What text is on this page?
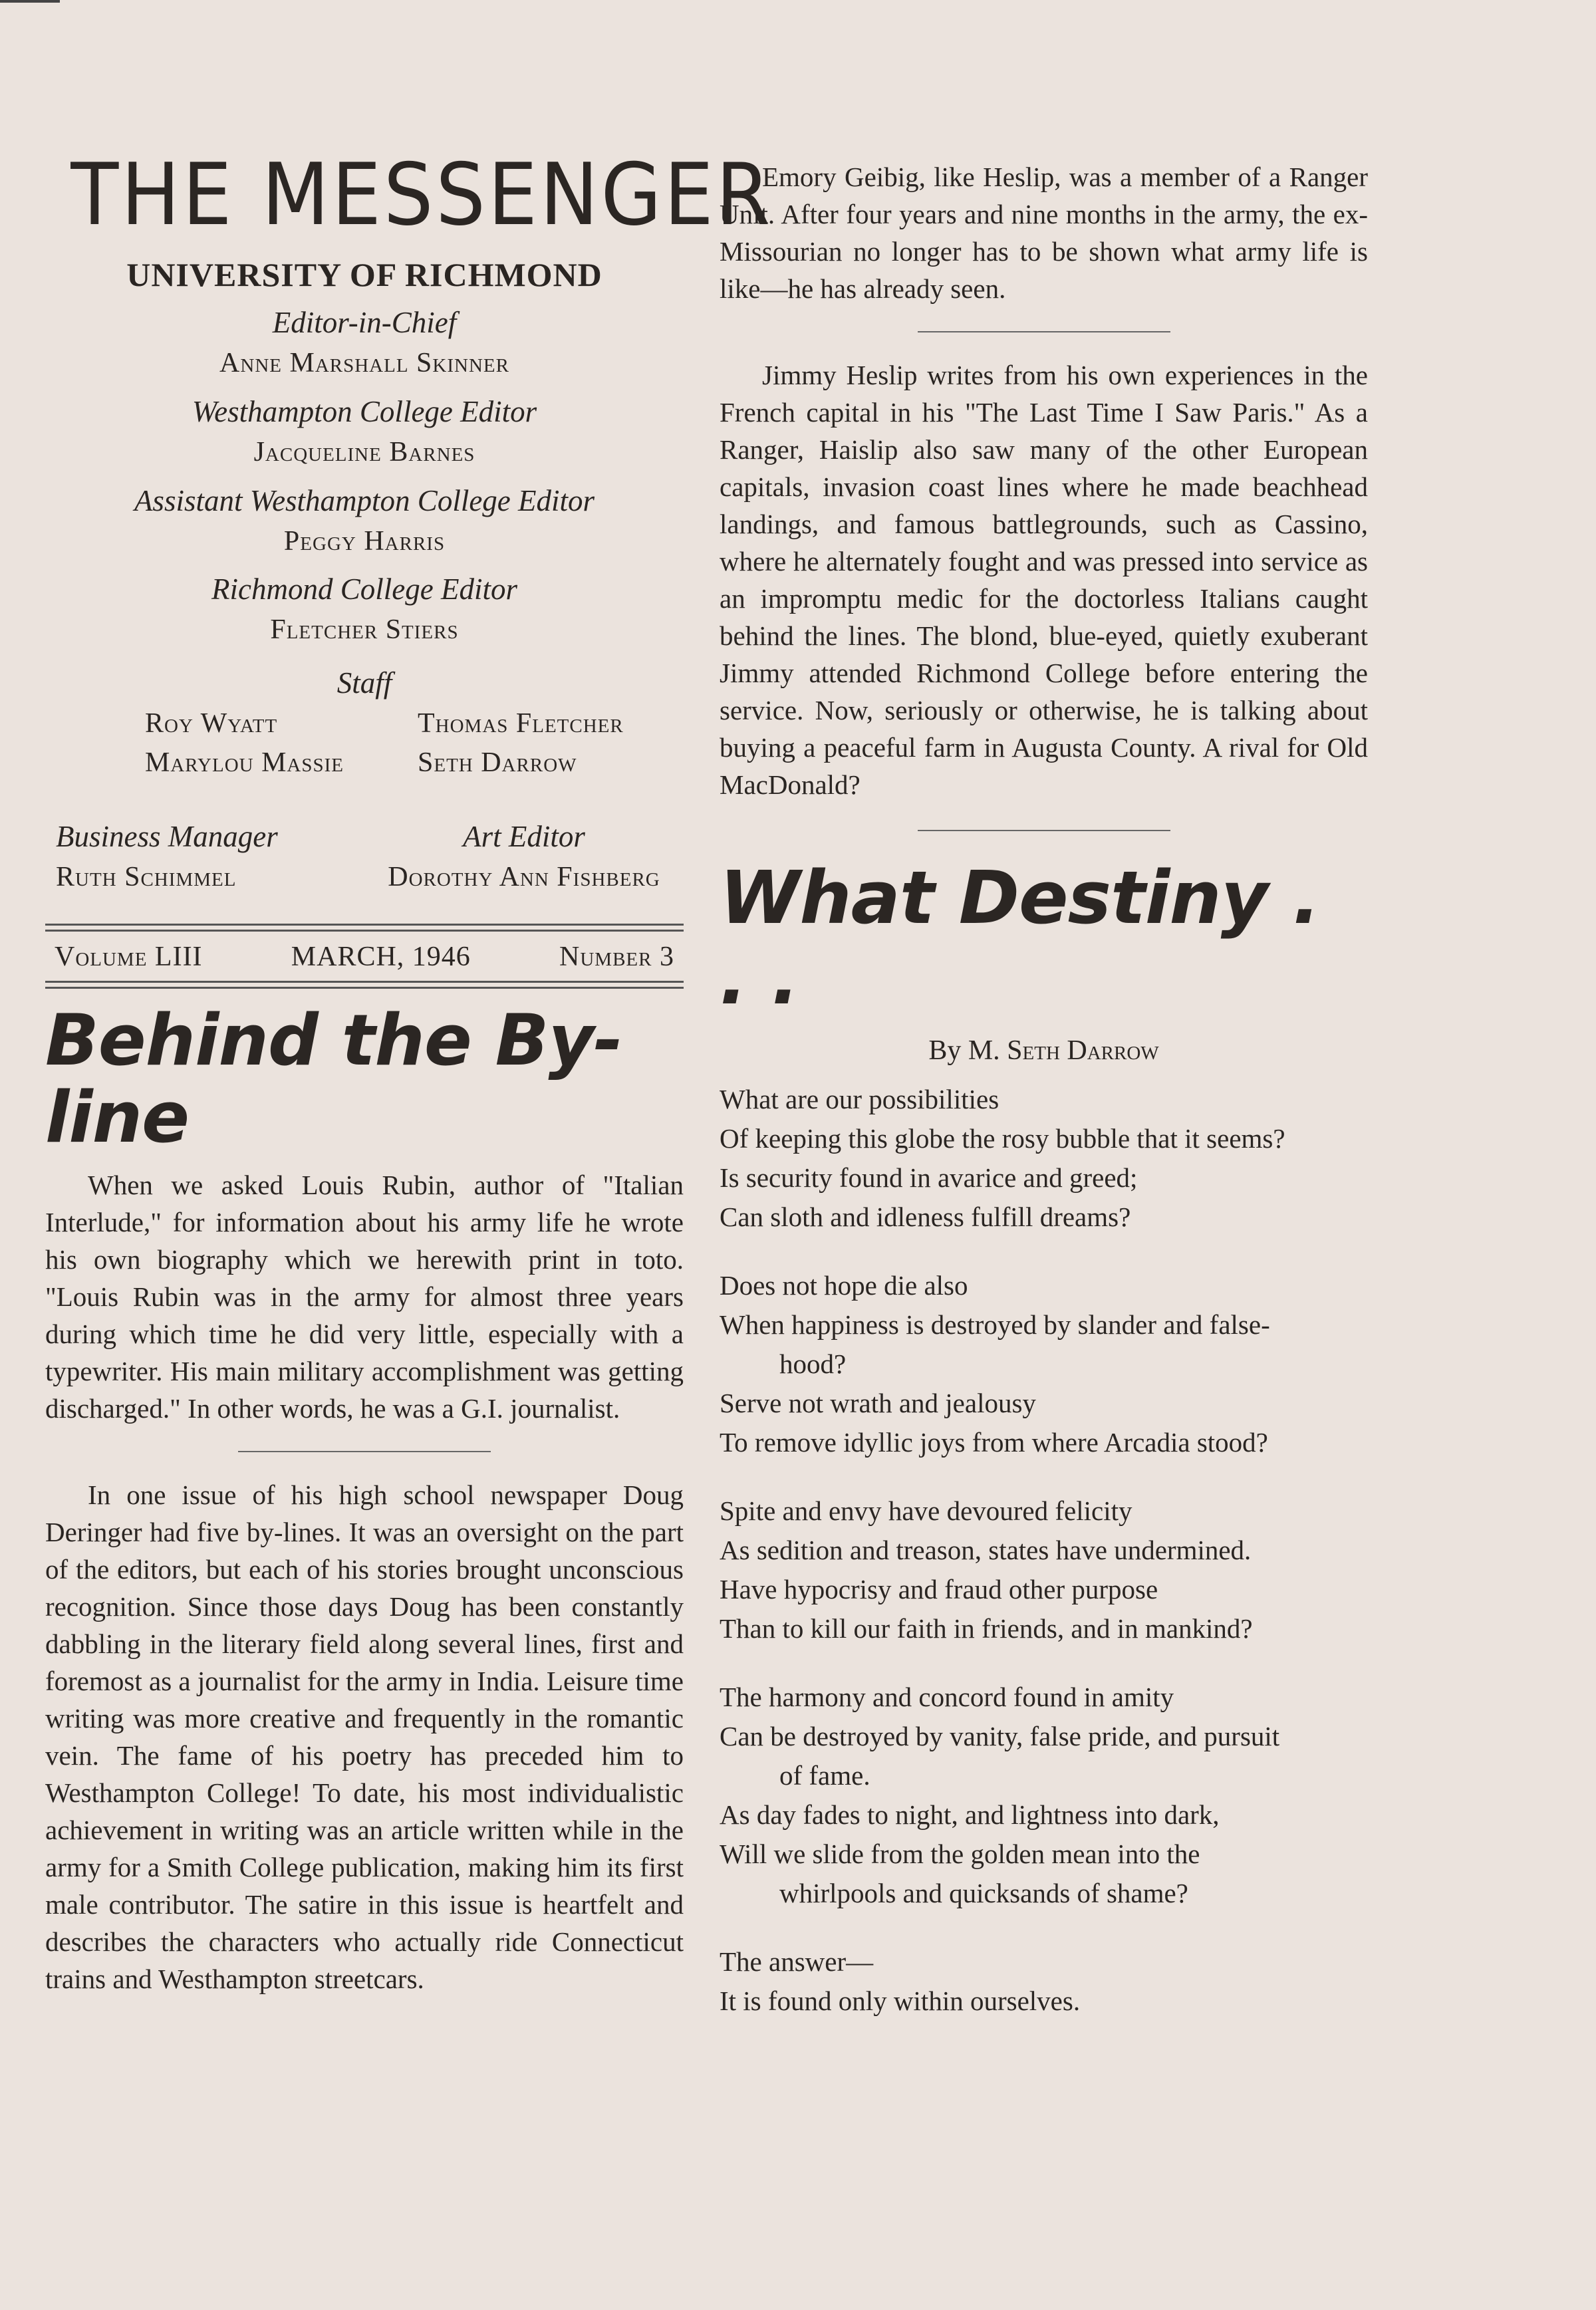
THE MESSENGER
UNIVERSITY OF RICHMOND
Editor-in-Chief
Anne Marshall Skinner
Westhampton College Editor
Jacqueline Barnes
Assistant Westhampton College Editor
Peggy Harris
Richmond College Editor
Fletcher Stiers
Staff
Roy Wyatt	Thomas Fletcher
Marylou Massie	Seth Darrow
Business Manager
Ruth Schimmel
Art Editor
Dorothy Ann Fishberg
Volume LIII	MARCH, 1946	Number 3
Behind the By-line

When we asked Louis Rubin, author of "Italian Interlude," for information about his army life he wrote his own biography which we herewith print in toto. "Louis Rubin was in the army for almost three years during which time he did very little, especially with a typewriter. His main military accomplishment was getting discharged." In other words, he was a G.I. journalist.

In one issue of his high school newspaper Doug Deringer had five by-lines. It was an oversight on the part of the editors, but each of his stories brought unconscious recognition. Since those days Doug has been constantly dabbling in the literary field along several lines, first and foremost as a journalist for the army in India. Leisure time writing was more creative and frequently in the romantic vein. The fame of his poetry has preceded him to Westhampton College! To date, his most individualistic achievement in writing was an article written while in the army for a Smith College publication, making him its first male contributor. The satire in this issue is heartfelt and describes the characters who actually ride Connecticut trains and Westhampton streetcars.

Emory Geibig, like Heslip, was a member of a Ranger Unit. After four years and nine months in the army, the ex-Missourian no longer has to be shown what army life is like—he has already seen.

Jimmy Heslip writes from his own experiences in the French capital in his "The Last Time I Saw Paris." As a Ranger, Haislip also saw many of the other European capitals, invasion coast lines where he made beachhead landings, and famous battlegrounds, such as Cassino, where he alternately fought and was pressed into service as an impromptu medic for the doctorless Italians caught behind the lines. The blond, blue-eyed, quietly exuberant Jimmy attended Richmond College before entering the service. Now, seriously or otherwise, he is talking about buying a peaceful farm in Augusta County. A rival for Old MacDonald?

What Destiny . . .
By M. Seth Darrow
What are our possibilities
Of keeping this globe the rosy bubble that it seems?
Is security found in avarice and greed;
Can sloth and idleness fulfill dreams?
Does not hope die also
When happiness is destroyed by slander and false-
hood?
Serve not wrath and jealousy
To remove idyllic joys from where Arcadia stood?
Spite and envy have devoured felicity
As sedition and treason, states have undermined.
Have hypocrisy and fraud other purpose
Than to kill our faith in friends, and in mankind?
The harmony and concord found in amity
Can be destroyed by vanity, false pride, and pursuit
of fame.
As day fades to night, and lightness into dark,
Will we slide from the golden mean into the
whirlpools and quicksands of shame?
The answer—
It is found only within ourselves.
